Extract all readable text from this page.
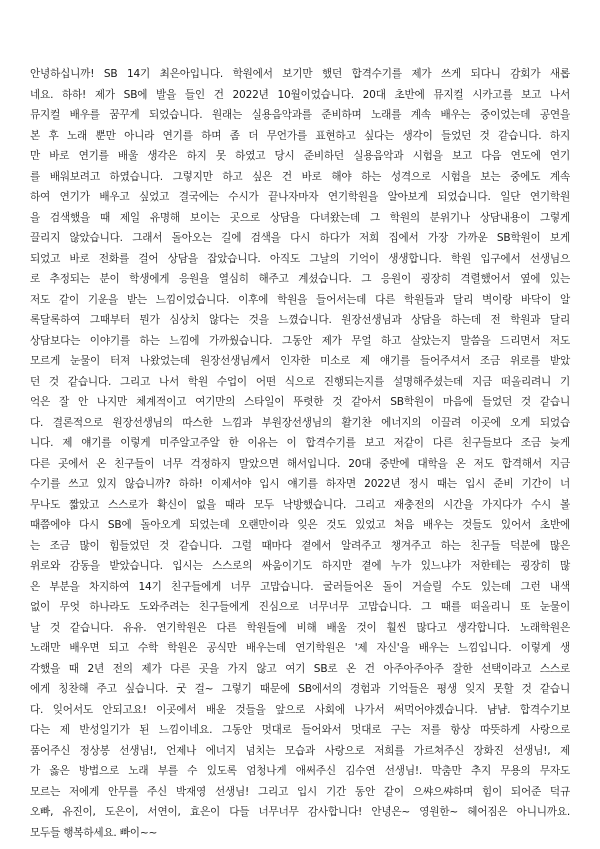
안녕하십니까! SB 14기 최은아입니다. 학원에서 보기만 했던 합격수기를 제가 쓰게 되다니 감회가 새롭
네요. 하하! 제가 SB에 발을 들인 건 2022년 10월이었습니다. 20대 초반에 뮤지컬 시카고를 보고 나서
뮤지컬 배우를 꿈꾸게 되었습니다. 원래는 실용음악과를 준비하며 노래를 계속 배우는 중이었는데 공연을
본 후 노래 뿐만 아니라 연기를 하며 좀 더 무언가를 표현하고 싶다는 생각이 들었던 것 같습니다. 하지
만 바로 연기를 배울 생각은 하지 못 하였고 당시 준비하던 실용음악과 시험을 보고 다음 연도에 연기
를 배워보려고 하였습니다. 그렇지만 하고 싶은 건 바로 해야 하는 성격으로 시험을 보는 중에도 계속
하여 연기가 배우고 싶었고 결국에는 수시가 끝나자마자 연기학원을 알아보게 되었습니다. 일단 연기학원
을 검색했을 때 제일 유명해 보이는 곳으로 상담을 다녀왔는데 그 학원의 분위기나 상담내용이 그렇게
끌리지 않았습니다. 그래서 돌아오는 길에 검색을 다시 하다가 저희 집에서 가장 가까운 SB학원이 보게
되었고 바로 전화를 걸어 상담을 잡았습니다. 아직도 그날의 기억이 생생합니다. 학원 입구에서 선생님으
로 추정되는 분이 학생에게 응원을 열심히 해주고 계셨습니다. 그 응원이 굉장히 격렬했어서 옆에 있는
저도 같이 기운을 받는 느낌이었습니다. 이후에 학원을 들어서는데 다른 학원들과 달리 벽이랑 바닥이 알
록달록하여 그때부터 뭔가 심상치 않다는 것을 느꼈습니다. 원장선생님과 상담을 하는데 전 학원과 달리
상담보다는 이야기를 하는 느낌에 가까웠습니다. 그동안 제가 무얼 하고 살았는지 말씀을 드리면서 저도
모르게 눈물이 터져 나왔었는데 원장선생님께서 인자한 미소로 제 얘기를 들어주셔서 조금 위로를 받았
던 것 같습니다. 그리고 나서 학원 수업이 어떤 식으로 진행되는지를 설명해주셨는데 지금 떠올리려니 기
억은 잘 안 나지만 체계적이고 여기만의 스타일이 뚜렷한 것 같아서 SB학원이 마음에 들었던 것 같습니
다. 결론적으로 원장선생님의 따스한 느낌과 부원장선생님의 활기찬 에너지의 이끌려 이곳에 오게 되었습
니다. 제 얘기를 이렇게 미주알고주알 한 이유는 이 합격수기를 보고 저같이 다른 친구들보다 조금 늦게
다른 곳에서 온 친구들이 너무 걱정하지 말았으면 해서입니다. 20대 중반에 대학을 온 저도 합격해서 지금
수기를 쓰고 있지 않습니까? 하하! 이제서야 입시 얘기를 하자면 2022년 정시 때는 입시 준비 기간이 너
무나도 짧았고 스스로가 확신이 없을 때라 모두 낙방했습니다. 그리고 재충전의 시간을 가지다가 수시 볼
때쯤에야 다시 SB에 돌아오게 되었는데 오랜만이라 잊은 것도 있었고 처음 배우는 것들도 있어서 초반에
는 조금 많이 힘들었던 것 같습니다. 그럴 때마다 곁에서 알려주고 챙겨주고 하는 친구들 덕분에 많은
위로와 감동을 받았습니다. 입시는 스스로의 싸움이기도 하지만 곁에 누가 있느냐가 저한테는 굉장히 많
은 부분을 차지하여 14기 친구들에게 너무 고맙습니다. 굴러들어온 돌이 거슬릴 수도 있는데 그런 내색
없이 무엇 하나라도 도와주려는 친구들에게 진심으로 너무너무 고맙습니다. 그 때를 떠올리니 또 눈물이
날 것 같습니다. 유유. 연기학원은 다른 학원들에 비해 배울 것이 훨씬 많다고 생각합니다. 노래학원은
노래만 배우면 되고 수학 학원은 공식만 배우는데 연기학원은 '제 자신'을 배우는 느낌입니다. 이렇게 생
각했을 때 2년 전의 제가 다른 곳을 가지 않고 여기 SB로 온 건 아주아주아주 잘한 선택이라고 스스로
에게 칭찬해 주고 싶습니다. 굿 걸~ 그렇기 때문에 SB에서의 경험과 기억들은 평생 잊지 못할 것 같습니
다. 잊어서도 안되고요! 이곳에서 배운 것들을 앞으로 사회에 나가서 써먹어야겠습니다. 냠냠. 합격수기보
다는 제 반성일기가 된 느낌이네요. 그동안 멋대로 들어와서 멋대로 구는 저를 항상 따뜻하게 사랑으로
품어주신 정상봉 선생님!, 언제나 에너지 넘치는 모습과 사랑으로 저희를 가르쳐주신 장화진 선생님!, 제
가 옳은 방법으로 노래 부를 수 있도록 엄청나게 애써주신 김수연 선생님!. 막춤만 추지 무용의 무자도
모르는 저에게 안무를 주신 박재영 선생님! 그리고 입시 기간 동안 같이 으쌰으쌰하며 힘이 되어준 덕규
오빠, 유진이, 도은이, 서연이, 효은이 다들 너무너무 감사합니다! 안녕은~ 영원한~ 헤어짐은 아니니까요.
모두들 행복하세요. 빠이~~
